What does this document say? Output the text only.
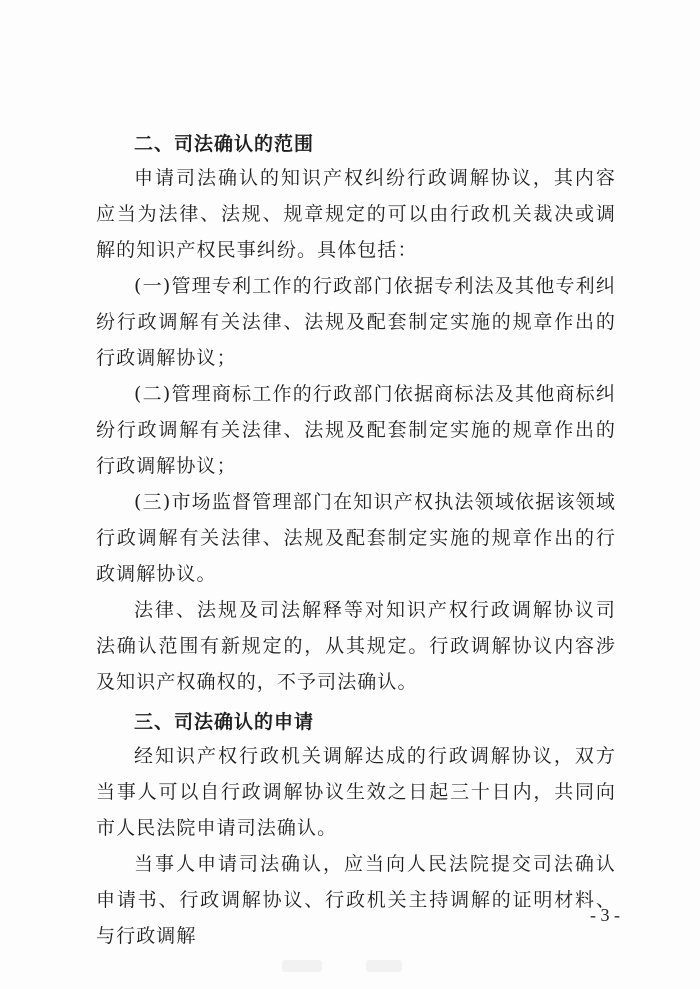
二、司法确认的范围

申请司法确认的知识产权纠纷行政调解协议，其内容应当为法律、法规、规章规定的可以由行政机关裁决或调解的知识产权民事纠纷。具体包括：

(一)管理专利工作的行政部门依据专利法及其他专利纠纷行政调解有关法律、法规及配套制定实施的规章作出的行政调解协议；

(二)管理商标工作的行政部门依据商标法及其他商标纠纷行政调解有关法律、法规及配套制定实施的规章作出的行政调解协议；

(三)市场监督管理部门在知识产权执法领域依据该领域行政调解有关法律、法规及配套制定实施的规章作出的行政调解协议。

法律、法规及司法解释等对知识产权行政调解协议司法确认范围有新规定的，从其规定。行政调解协议内容涉及知识产权确权的，不予司法确认。

三、司法确认的申请

经知识产权行政机关调解达成的行政调解协议，双方当事人可以自行政调解协议生效之日起三十日内，共同向市人民法院申请司法确认。

当事人申请司法确认，应当向人民法院提交司法确认申请书、行政调解协议、行政机关主持调解的证明材料、与行政调解

- 3 -
